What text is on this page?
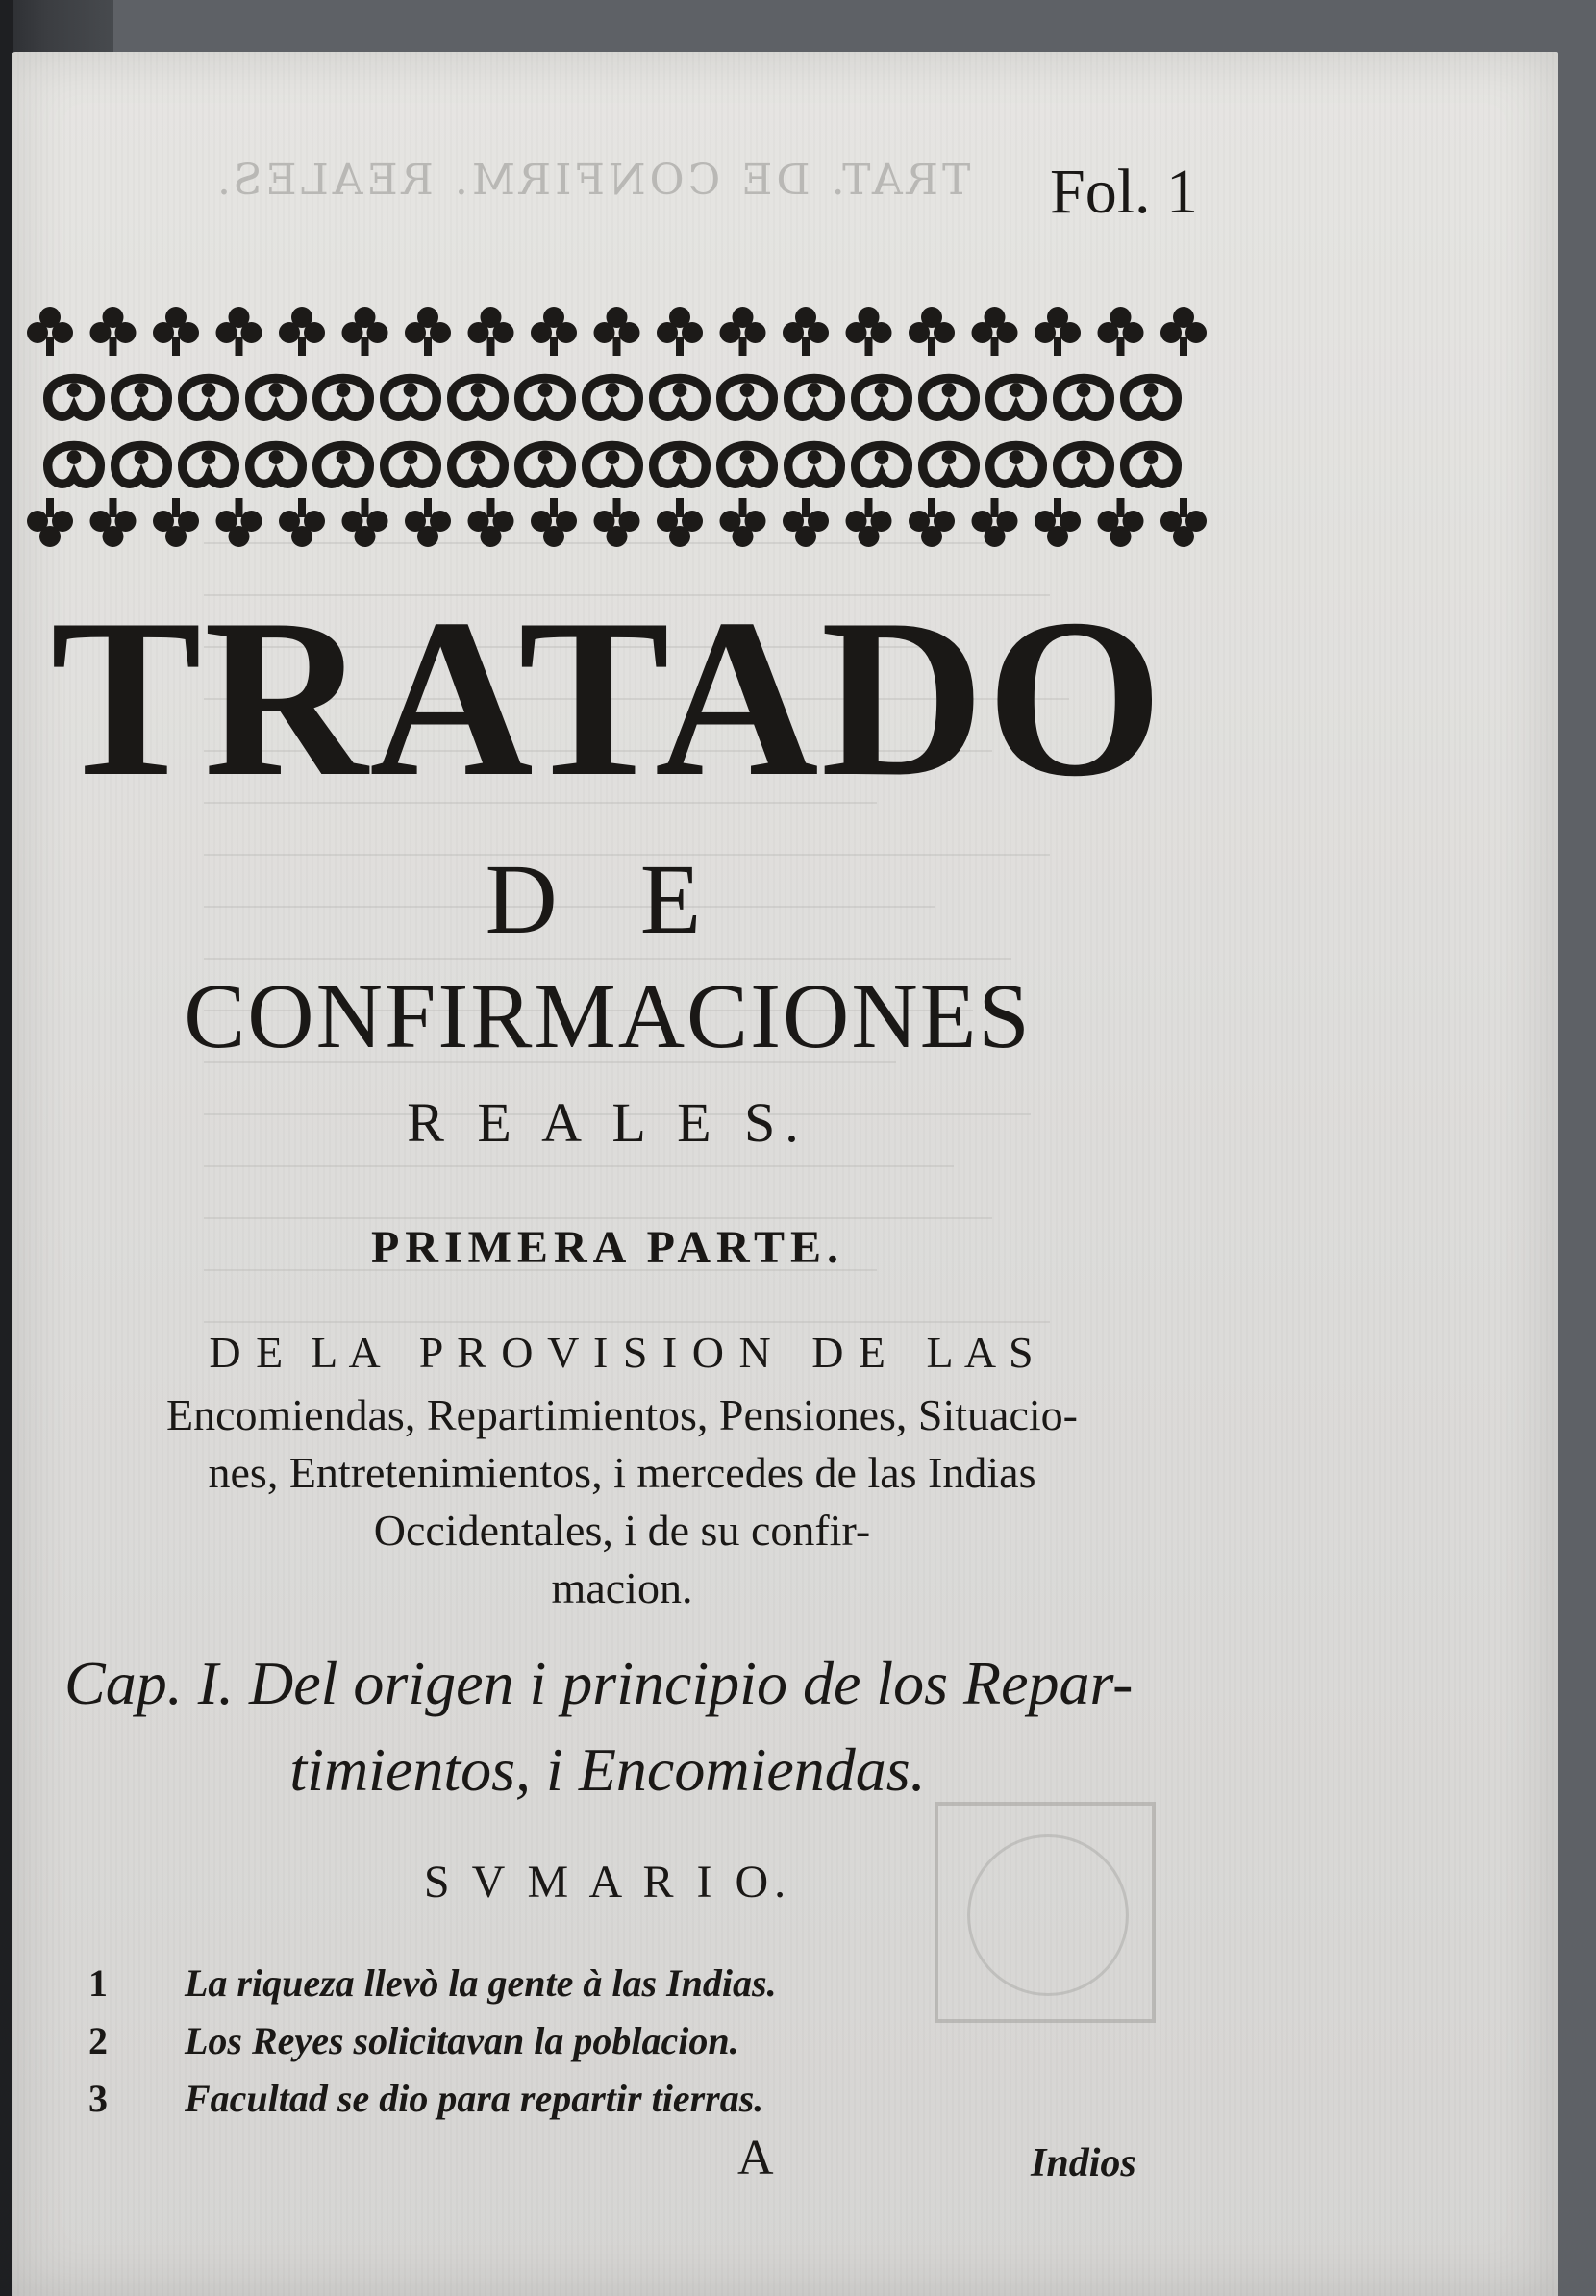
TRAT. DE CONFIRM. REALES. Fol. 1
TRATADO
D E
CONFIRMACIONES
R E A L E S.
PRIMERA PARTE.
D E  L A   P R O V I S I O N   D E   L A S
Encomiendas, Repartimientos, Pensiones, Situacio-
nes, Entretenimientos, i mercedes de las Indias
Occidentales, i de su confir-
macion.
Cap. I. Del origen i principio de los Repar-
timientos, i Encomiendas.
S V M A R I O.
1 La riqueza llevò la gente à las Indias.
2 Los Reyes solicitavan la poblacion.
3 Facultad se dio para repartir tierras.
A	Indios
